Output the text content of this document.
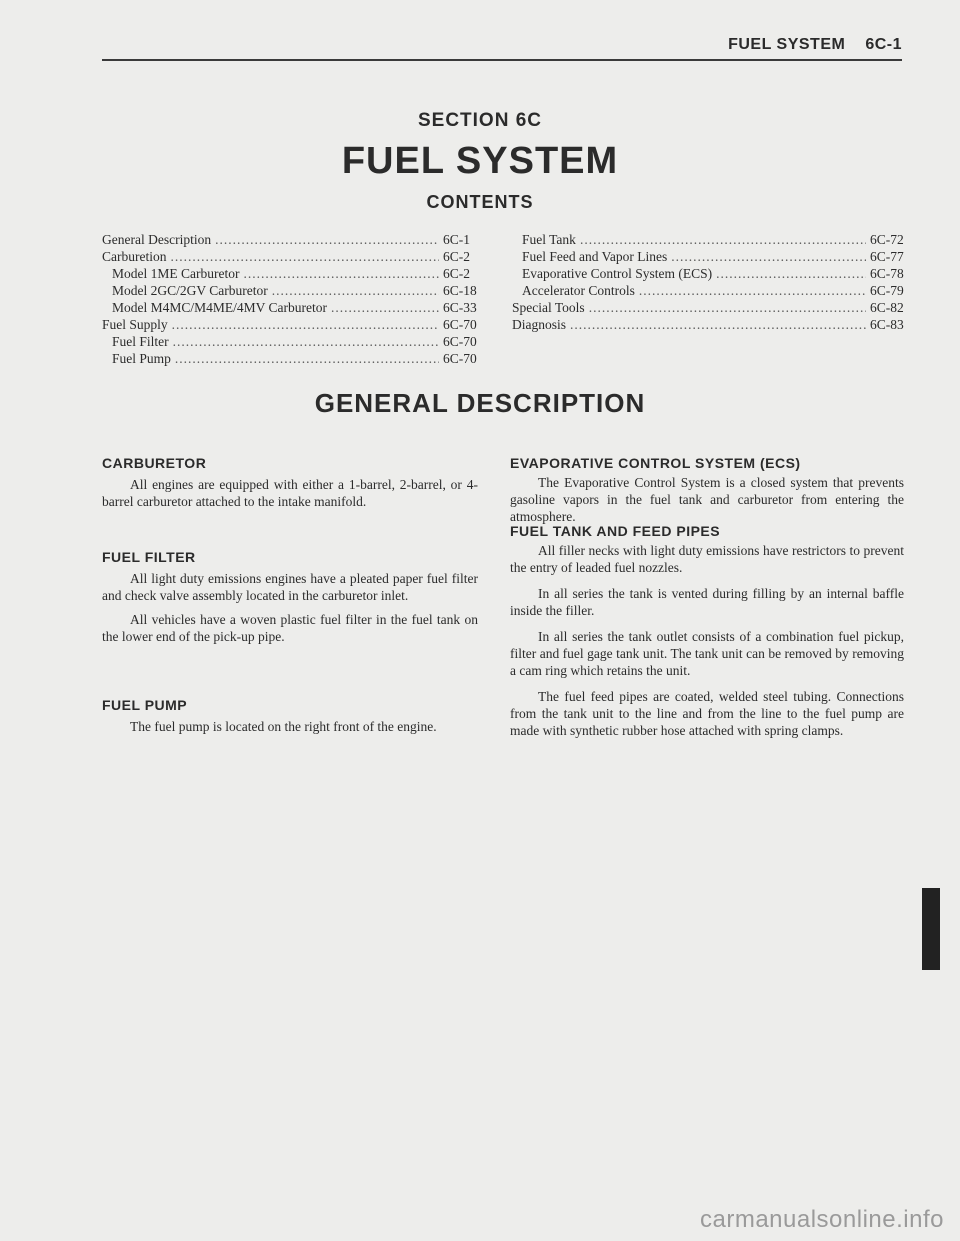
FUEL SYSTEM 6C-1
SECTION 6C
FUEL SYSTEM
CONTENTS
General Description .....	6C-1
Carburetion .....	6C-2
Model 1ME Carburetor .....	6C-2
Model 2GC/2GV Carburetor .....	6C-18
Model M4MC/M4ME/4MV Carburetor .....	6C-33
Fuel Supply .....	6C-70
Fuel Filter .....	6C-70
Fuel Pump .....	6C-70
Fuel Tank .....	6C-72
Fuel Feed and Vapor Lines .....	6C-77
Evaporative Control System (ECS) .....	6C-78
Accelerator Controls .....	6C-79
Special Tools .....	6C-82
Diagnosis .....	6C-83
GENERAL DESCRIPTION
CARBURETOR

All engines are equipped with either a 1-barrel, 2-barrel, or 4-barrel carburetor attached to the intake manifold.

FUEL FILTER

All light duty emissions engines have a pleated paper fuel filter and check valve assembly located in the carburetor inlet.

All vehicles have a woven plastic fuel filter in the fuel tank on the lower end of the pick-up pipe.

FUEL PUMP

The fuel pump is located on the right front of the engine.

EVAPORATIVE CONTROL SYSTEM (ECS)

The Evaporative Control System is a closed system that prevents gasoline vapors in the fuel tank and carburetor from entering the atmosphere.

FUEL TANK AND FEED PIPES

All filler necks with light duty emissions have restrictors to prevent the entry of leaded fuel nozzles.

In all series the tank is vented during filling by an internal baffle inside the filler.

In all series the tank outlet consists of a combination fuel pickup, filter and fuel gage tank unit. The tank unit can be removed by removing a cam ring which retains the unit.

The fuel feed pipes are coated, welded steel tubing. Connections from the tank unit to the line and from the line to the fuel pump are made with synthetic rubber hose attached with spring clamps.

carmanualsonline.info
